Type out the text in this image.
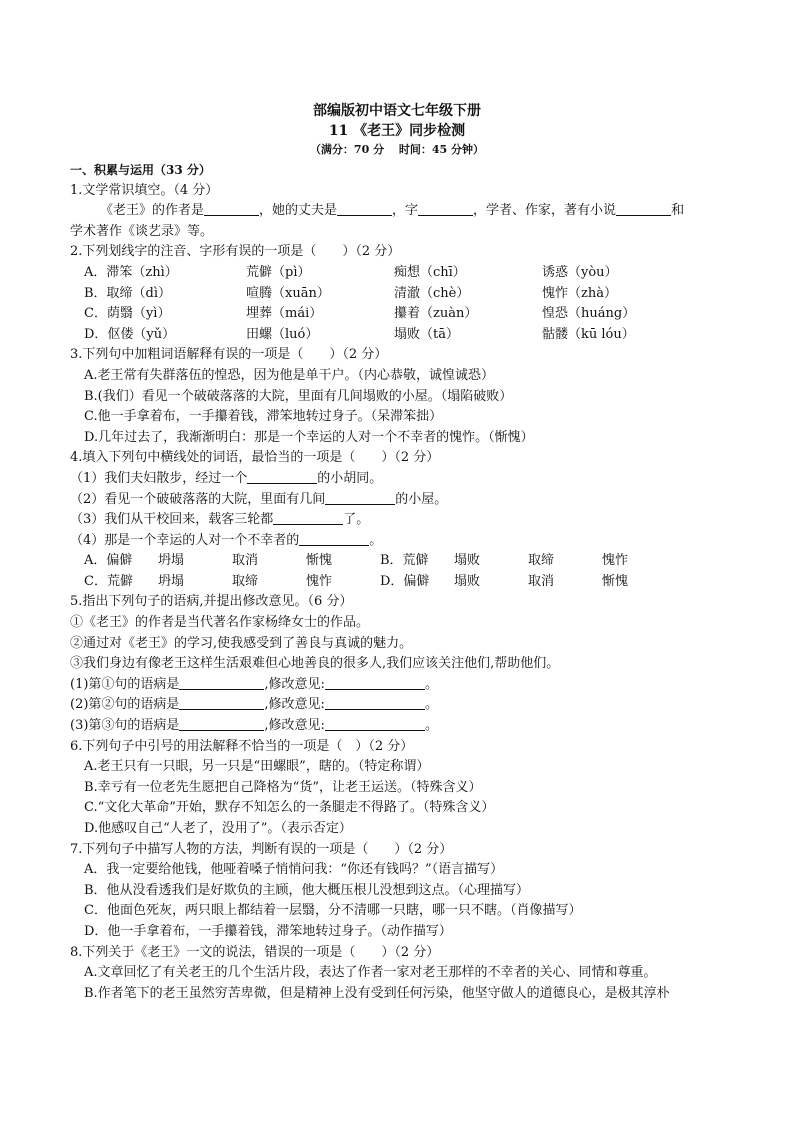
部编版初中语文七年级下册
11 《老王》同步检测
（满分：70 分　 时间：45 分钟）
一、积累与运用（33 分）
1.文学常识填空。（4 分）
《老王》的作者是	，她的丈夫是	，字	，学者、作家，著有小说	和
学术著作《谈艺录》等。
2.下列划线字的注音、字形有误的一项是（　　）（2 分）
A．滞笨（zhì）	荒僻（pì）	痴想（chī）	诱惑（yòu）
B．取缔（dì）	喧腾（xuān）	清澈（chè）	愧怍（zhà）
C．荫翳（yì）	埋葬（mái）	攥着（zuàn）	惶恐（huáng）
D．伛偻（yǔ）	田螺（luó）	塌败（tā）	骷髅（kū lóu）
3.下列句中加粗词语解释有误的一项是（　　）（2 分）
A.老王常有失群落伍的惶恐，因为他是单干户。（内心恭敬，诚惶诚恐）
B.(我们）看见一个破破落落的大院，里面有几间塌败的小屋。（塌陷破败）
C.他一手拿着布，一手攥着钱，滞笨地转过身子。（呆滞笨拙）
D.几年过去了，我渐渐明白：那是一个幸运的人对一个不幸者的愧怍。（惭愧）
4.填入下列句中横线处的词语，最恰当的一项是（　　）（2 分）
（1）我们夫妇散步，经过一个	的小胡同。
（2）看见一个破破落落的大院，里面有几间	的小屋。
（3）我们从干校回来，载客三轮都	了。
（4）那是一个幸运的人对一个不幸者的	。
A．偏僻	坍塌	取消	惭愧	B．荒僻	塌败	取缔	愧怍
C．荒僻	坍塌	取缔	愧怍	D．偏僻	塌败	取消	惭愧
5.指出下列句子的语病,并提出修改意见。（6 分）
①《老王》的作者是当代著名作家杨绛女士的作品。
②通过对《老王》的学习,使我感受到了善良与真诚的魅力。
③我们身边有像老王这样生活艰难但心地善良的很多人,我们应该关注他们,帮助他们。
(1)第①句的语病是	,修改意见:	。
(2)第②句的语病是	,修改意见:	。
(3)第③句的语病是	,修改意见:	。
6.下列句子中引号的用法解释不恰当的一项是（　）（2 分）
A.老王只有一只眼，另一只是“田螺眼”，瞎的。（特定称谓）
B.幸亏有一位老先生愿把自己降格为“货”，让老王运送。（特殊含义）
C.“文化大革命”开始，默存不知怎么的一条腿走不得路了。（特殊含义）
D.他感叹自己“人老了，没用了”。（表示否定）
7.下列句子中描写人物的方法，判断有误的一项是（　　）（2 分）
A．我一定要给他钱，他哑着嗓子悄悄问我：“你还有钱吗？”（语言描写）
B．他从没看透我们是好欺负的主顾，他大概压根儿没想到这点。（心理描写）
C．他面色死灰，两只眼上都结着一层翳，分不清哪一只瞎，哪一只不瞎。（肖像描写）
D．他一手拿着布，一手攥着钱，滞笨地转过身子。（动作描写）
8.下列关于《老王》一文的说法，错误的一项是（　　）（2 分）
A.文章回忆了有关老王的几个生活片段，表达了作者一家对老王那样的不幸者的关心、同情和尊重。
B.作者笔下的老王虽然穷苦卑微，但是精神上没有受到任何污染，他坚守做人的道德良心，是极其淳朴
